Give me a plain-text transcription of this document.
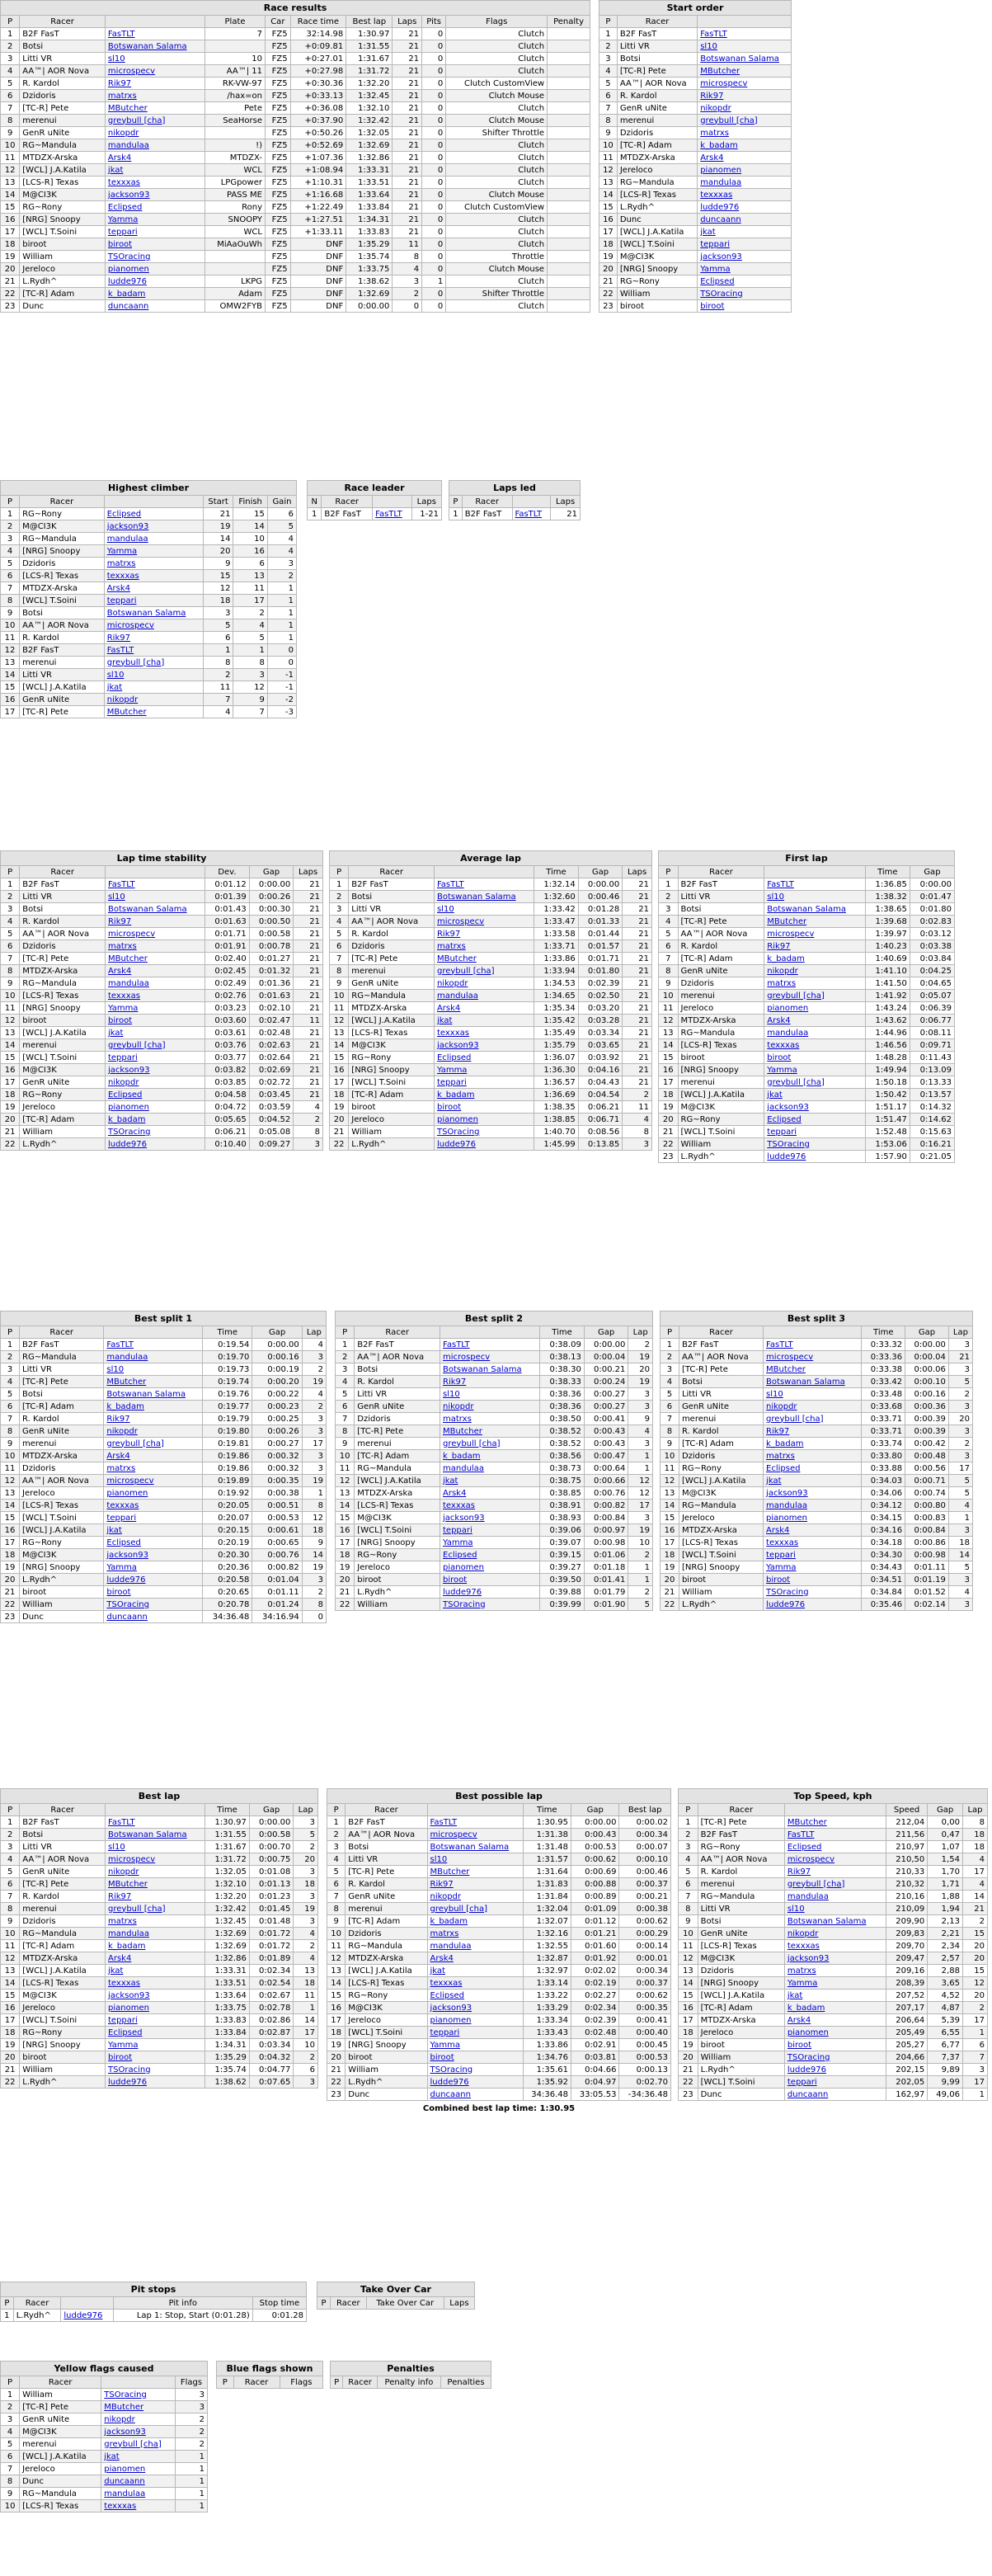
Race results
P	Racer		Plate	Car	Race time	Best lap	Laps	Pits	Flags	Penalty
1	B2F FasT	FasTLT	7	FZ5	32:14.98	1:30.97	21	0	Clutch	
2	Botsi	Botswanan Salama		FZ5	+0:09.81	1:31.55	21	0	Clutch	
3	Litti VR	sl10	10	FZ5	+0:27.01	1:31.67	21	0	Clutch	
4	AA™| AOR Nova	microspecv	AA™| 11	FZ5	+0:27.98	1:31.72	21	0	Clutch	
5	R. Kardol	Rik97	RK-VW-97	FZ5	+0:30.36	1:32.20	21	0	Clutch CustomView	
6	Dzidoris	matrxs	/hax=on	FZ5	+0:33.13	1:32.45	21	0	Clutch Mouse	
7	[TC-R] Pete	MButcher	Pete	FZ5	+0:36.08	1:32.10	21	0	Clutch	
8	merenui	greybull [cha]	SeaHorse	FZ5	+0:37.90	1:32.42	21	0	Clutch Mouse	
9	GenR uNite	nikopdr		FZ5	+0:50.26	1:32.05	21	0	Shifter Throttle	
10	RG~Mandula	mandulaa	!)	FZ5	+0:52.69	1:32.69	21	0	Clutch	
11	MTDZX-Arska	Arsk4	MTDZX-	FZ5	+1:07.36	1:32.86	21	0	Clutch	
12	[WCL] J.A.Katila	jkat	WCL	FZ5	+1:08.94	1:33.31	21	0	Clutch	
13	[LCS-R] Texas	texxxas	LPGpower	FZ5	+1:10.31	1:33.51	21	0	Clutch	
14	M@CI3K	jackson93	PASS ME	FZ5	+1:16.68	1:33.64	21	0	Clutch Mouse	
15	RG~Rony	Eclipsed	Rony	FZ5	+1:22.49	1:33.84	21	0	Clutch CustomView	
16	[NRG] Snoopy	Yamma	SNOOPY	FZ5	+1:27.51	1:34.31	21	0	Clutch	
17	[WCL] T.Soini	teppari	WCL	FZ5	+1:33.11	1:33.83	21	0	Clutch	
18	biroot	biroot	MiAaOuWh	FZ5	DNF	1:35.29	11	0	Clutch	
19	William	TSOracing		FZ5	DNF	1:35.74	8	0	Throttle	
20	Jereloco	pianomen		FZ5	DNF	1:33.75	4	0	Clutch Mouse	
21	L.Rydh^	ludde976	LKPG	FZ5	DNF	1:38.62	3	1	Clutch	
22	[TC-R] Adam	k_badam	Adam	FZ5	DNF	1:32.69	2	0	Shifter Throttle	
23	Dunc	duncaann	OMW2FYB	FZ5	DNF	0:00.00	0	0	Clutch	
Start order
P	Racer	
1	B2F FasT	FasTLT
2	Litti VR	sl10
3	Botsi	Botswanan Salama
4	[TC-R] Pete	MButcher
5	AA™| AOR Nova	microspecv
6	R. Kardol	Rik97
7	GenR uNite	nikopdr
8	merenui	greybull [cha]
9	Dzidoris	matrxs
10	[TC-R] Adam	k_badam
11	MTDZX-Arska	Arsk4
12	Jereloco	pianomen
13	RG~Mandula	mandulaa
14	[LCS-R] Texas	texxxas
15	L.Rydh^	ludde976
16	Dunc	duncaann
17	[WCL] J.A.Katila	jkat
18	[WCL] T.Soini	teppari
19	M@CI3K	jackson93
20	[NRG] Snoopy	Yamma
21	RG~Rony	Eclipsed
22	William	TSOracing
23	biroot	biroot
Highest climber
P	Racer		Start	Finish	Gain
1	RG~Rony	Eclipsed	21	15	6
2	M@CI3K	jackson93	19	14	5
3	RG~Mandula	mandulaa	14	10	4
4	[NRG] Snoopy	Yamma	20	16	4
5	Dzidoris	matrxs	9	6	3
6	[LCS-R] Texas	texxxas	15	13	2
7	MTDZX-Arska	Arsk4	12	11	1
8	[WCL] T.Soini	teppari	18	17	1
9	Botsi	Botswanan Salama	3	2	1
10	AA™| AOR Nova	microspecv	5	4	1
11	R. Kardol	Rik97	6	5	1
12	B2F FasT	FasTLT	1	1	0
13	merenui	greybull [cha]	8	8	0
14	Litti VR	sl10	2	3	-1
15	[WCL] J.A.Katila	jkat	11	12	-1
16	GenR uNite	nikopdr	7	9	-2
17	[TC-R] Pete	MButcher	4	7	-3
Race leader
N	Racer		Laps
1	B2F FasT	FasTLT	1-21
Laps led
P	Racer		Laps
1	B2F FasT	FasTLT	21
Lap time stability
P	Racer		Dev.	Gap	Laps
1	B2F FasT	FasTLT	0:01.12	0:00.00	21
2	Litti VR	sl10	0:01.39	0:00.26	21
3	Botsi	Botswanan Salama	0:01.43	0:00.30	21
4	R. Kardol	Rik97	0:01.63	0:00.50	21
5	AA™| AOR Nova	microspecv	0:01.71	0:00.58	21
6	Dzidoris	matrxs	0:01.91	0:00.78	21
7	[TC-R] Pete	MButcher	0:02.40	0:01.27	21
8	MTDZX-Arska	Arsk4	0:02.45	0:01.32	21
9	RG~Mandula	mandulaa	0:02.49	0:01.36	21
10	[LCS-R] Texas	texxxas	0:02.76	0:01.63	21
11	[NRG] Snoopy	Yamma	0:03.23	0:02.10	21
12	biroot	biroot	0:03.60	0:02.47	11
13	[WCL] J.A.Katila	jkat	0:03.61	0:02.48	21
14	merenui	greybull [cha]	0:03.76	0:02.63	21
15	[WCL] T.Soini	teppari	0:03.77	0:02.64	21
16	M@CI3K	jackson93	0:03.82	0:02.69	21
17	GenR uNite	nikopdr	0:03.85	0:02.72	21
18	RG~Rony	Eclipsed	0:04.58	0:03.45	21
19	Jereloco	pianomen	0:04.72	0:03.59	4
20	[TC-R] Adam	k_badam	0:05.65	0:04.52	2
21	William	TSOracing	0:06.21	0:05.08	8
22	L.Rydh^	ludde976	0:10.40	0:09.27	3
Average lap
P	Racer		Time	Gap	Laps
1	B2F FasT	FasTLT	1:32.14	0:00.00	21
2	Botsi	Botswanan Salama	1:32.60	0:00.46	21
3	Litti VR	sl10	1:33.42	0:01.28	21
4	AA™| AOR Nova	microspecv	1:33.47	0:01.33	21
5	R. Kardol	Rik97	1:33.58	0:01.44	21
6	Dzidoris	matrxs	1:33.71	0:01.57	21
7	[TC-R] Pete	MButcher	1:33.86	0:01.71	21
8	merenui	greybull [cha]	1:33.94	0:01.80	21
9	GenR uNite	nikopdr	1:34.53	0:02.39	21
10	RG~Mandula	mandulaa	1:34.65	0:02.50	21
11	MTDZX-Arska	Arsk4	1:35.34	0:03.20	21
12	[WCL] J.A.Katila	jkat	1:35.42	0:03.28	21
13	[LCS-R] Texas	texxxas	1:35.49	0:03.34	21
14	M@CI3K	jackson93	1:35.79	0:03.65	21
15	RG~Rony	Eclipsed	1:36.07	0:03.92	21
16	[NRG] Snoopy	Yamma	1:36.30	0:04.16	21
17	[WCL] T.Soini	teppari	1:36.57	0:04.43	21
18	[TC-R] Adam	k_badam	1:36.69	0:04.54	2
19	biroot	biroot	1:38.35	0:06.21	11
20	Jereloco	pianomen	1:38.85	0:06.71	4
21	William	TSOracing	1:40.70	0:08.56	8
22	L.Rydh^	ludde976	1:45.99	0:13.85	3
First lap
P	Racer		Time	Gap
1	B2F FasT	FasTLT	1:36.85	0:00.00
2	Litti VR	sl10	1:38.32	0:01.47
3	Botsi	Botswanan Salama	1:38.65	0:01.80
4	[TC-R] Pete	MButcher	1:39.68	0:02.83
5	AA™| AOR Nova	microspecv	1:39.97	0:03.12
6	R. Kardol	Rik97	1:40.23	0:03.38
7	[TC-R] Adam	k_badam	1:40.69	0:03.84
8	GenR uNite	nikopdr	1:41.10	0:04.25
9	Dzidoris	matrxs	1:41.50	0:04.65
10	merenui	greybull [cha]	1:41.92	0:05.07
11	Jereloco	pianomen	1:43.24	0:06.39
12	MTDZX-Arska	Arsk4	1:43.62	0:06.77
13	RG~Mandula	mandulaa	1:44.96	0:08.11
14	[LCS-R] Texas	texxxas	1:46.56	0:09.71
15	biroot	biroot	1:48.28	0:11.43
16	[NRG] Snoopy	Yamma	1:49.94	0:13.09
17	merenui	greybull [cha]	1:50.18	0:13.33
18	[WCL] J.A.Katila	jkat	1:50.42	0:13.57
19	M@CI3K	jackson93	1:51.17	0:14.32
20	RG~Rony	Eclipsed	1:51.47	0:14.62
21	[WCL] T.Soini	teppari	1:52.48	0:15.63
22	William	TSOracing	1:53.06	0:16.21
23	L.Rydh^	ludde976	1:57.90	0:21.05
Best split 1
P	Racer		Time	Gap	Lap
1	B2F FasT	FasTLT	0:19.54	0:00.00	4
2	RG~Mandula	mandulaa	0:19.70	0:00.16	3
3	Litti VR	sl10	0:19.73	0:00.19	2
4	[TC-R] Pete	MButcher	0:19.74	0:00.20	19
5	Botsi	Botswanan Salama	0:19.76	0:00.22	4
6	[TC-R] Adam	k_badam	0:19.77	0:00.23	2
7	R. Kardol	Rik97	0:19.79	0:00.25	3
8	GenR uNite	nikopdr	0:19.80	0:00.26	3
9	merenui	greybull [cha]	0:19.81	0:00.27	17
10	MTDZX-Arska	Arsk4	0:19.86	0:00.32	3
11	Dzidoris	matrxs	0:19.86	0:00.32	3
12	AA™| AOR Nova	microspecv	0:19.89	0:00.35	19
13	Jereloco	pianomen	0:19.92	0:00.38	1
14	[LCS-R] Texas	texxxas	0:20.05	0:00.51	8
15	[WCL] T.Soini	teppari	0:20.07	0:00.53	12
16	[WCL] J.A.Katila	jkat	0:20.15	0:00.61	18
17	RG~Rony	Eclipsed	0:20.19	0:00.65	9
18	M@CI3K	jackson93	0:20.30	0:00.76	14
19	[NRG] Snoopy	Yamma	0:20.36	0:00.82	19
20	L.Rydh^	ludde976	0:20.58	0:01.04	3
21	biroot	biroot	0:20.65	0:01.11	2
22	William	TSOracing	0:20.78	0:01.24	8
23	Dunc	duncaann	34:36.48	34:16.94	0
Best split 2
P	Racer		Time	Gap	Lap
1	B2F FasT	FasTLT	0:38.09	0:00.00	2
2	AA™| AOR Nova	microspecv	0:38.13	0:00.04	19
3	Botsi	Botswanan Salama	0:38.30	0:00.21	20
4	R. Kardol	Rik97	0:38.33	0:00.24	19
5	Litti VR	sl10	0:38.36	0:00.27	3
6	GenR uNite	nikopdr	0:38.36	0:00.27	3
7	Dzidoris	matrxs	0:38.50	0:00.41	9
8	[TC-R] Pete	MButcher	0:38.52	0:00.43	4
9	merenui	greybull [cha]	0:38.52	0:00.43	3
10	[TC-R] Adam	k_badam	0:38.56	0:00.47	1
11	RG~Mandula	mandulaa	0:38.73	0:00.64	1
12	[WCL] J.A.Katila	jkat	0:38.75	0:00.66	12
13	MTDZX-Arska	Arsk4	0:38.85	0:00.76	12
14	[LCS-R] Texas	texxxas	0:38.91	0:00.82	17
15	M@CI3K	jackson93	0:38.93	0:00.84	3
16	[WCL] T.Soini	teppari	0:39.06	0:00.97	19
17	[NRG] Snoopy	Yamma	0:39.07	0:00.98	10
18	RG~Rony	Eclipsed	0:39.15	0:01.06	2
19	Jereloco	pianomen	0:39.27	0:01.18	1
20	biroot	biroot	0:39.50	0:01.41	1
21	L.Rydh^	ludde976	0:39.88	0:01.79	2
22	William	TSOracing	0:39.99	0:01.90	5
Best split 3
P	Racer		Time	Gap	Lap
1	B2F FasT	FasTLT	0:33.32	0:00.00	3
2	AA™| AOR Nova	microspecv	0:33.36	0:00.04	21
3	[TC-R] Pete	MButcher	0:33.38	0:00.06	3
4	Botsi	Botswanan Salama	0:33.42	0:00.10	5
5	Litti VR	sl10	0:33.48	0:00.16	2
6	GenR uNite	nikopdr	0:33.68	0:00.36	3
7	merenui	greybull [cha]	0:33.71	0:00.39	20
8	R. Kardol	Rik97	0:33.71	0:00.39	3
9	[TC-R] Adam	k_badam	0:33.74	0:00.42	2
10	Dzidoris	matrxs	0:33.80	0:00.48	3
11	RG~Rony	Eclipsed	0:33.88	0:00.56	17
12	[WCL] J.A.Katila	jkat	0:34.03	0:00.71	5
13	M@CI3K	jackson93	0:34.06	0:00.74	5
14	RG~Mandula	mandulaa	0:34.12	0:00.80	4
15	Jereloco	pianomen	0:34.15	0:00.83	1
16	MTDZX-Arska	Arsk4	0:34.16	0:00.84	3
17	[LCS-R] Texas	texxxas	0:34.18	0:00.86	18
18	[WCL] T.Soini	teppari	0:34.30	0:00.98	14
19	[NRG] Snoopy	Yamma	0:34.43	0:01.11	5
20	biroot	biroot	0:34.51	0:01.19	3
21	William	TSOracing	0:34.84	0:01.52	4
22	L.Rydh^	ludde976	0:35.46	0:02.14	3
Best lap
P	Racer		Time	Gap	Lap
1	B2F FasT	FasTLT	1:30.97	0:00.00	3
2	Botsi	Botswanan Salama	1:31.55	0:00.58	5
3	Litti VR	sl10	1:31.67	0:00.70	2
4	AA™| AOR Nova	microspecv	1:31.72	0:00.75	20
5	GenR uNite	nikopdr	1:32.05	0:01.08	3
6	[TC-R] Pete	MButcher	1:32.10	0:01.13	18
7	R. Kardol	Rik97	1:32.20	0:01.23	3
8	merenui	greybull [cha]	1:32.42	0:01.45	19
9	Dzidoris	matrxs	1:32.45	0:01.48	3
10	RG~Mandula	mandulaa	1:32.69	0:01.72	4
11	[TC-R] Adam	k_badam	1:32.69	0:01.72	2
12	MTDZX-Arska	Arsk4	1:32.86	0:01.89	4
13	[WCL] J.A.Katila	jkat	1:33.31	0:02.34	13
14	[LCS-R] Texas	texxxas	1:33.51	0:02.54	18
15	M@CI3K	jackson93	1:33.64	0:02.67	11
16	Jereloco	pianomen	1:33.75	0:02.78	1
17	[WCL] T.Soini	teppari	1:33.83	0:02.86	14
18	RG~Rony	Eclipsed	1:33.84	0:02.87	17
19	[NRG] Snoopy	Yamma	1:34.31	0:03.34	10
20	biroot	biroot	1:35.29	0:04.32	2
21	William	TSOracing	1:35.74	0:04.77	6
22	L.Rydh^	ludde976	1:38.62	0:07.65	3
Best possible lap
P	Racer		Time	Gap	Best lap
1	B2F FasT	FasTLT	1:30.95	0:00.00	0:00.02
2	AA™| AOR Nova	microspecv	1:31.38	0:00.43	0:00.34
3	Botsi	Botswanan Salama	1:31.48	0:00.53	0:00.07
4	Litti VR	sl10	1:31.57	0:00.62	0:00.10
5	[TC-R] Pete	MButcher	1:31.64	0:00.69	0:00.46
6	R. Kardol	Rik97	1:31.83	0:00.88	0:00.37
7	GenR uNite	nikopdr	1:31.84	0:00.89	0:00.21
8	merenui	greybull [cha]	1:32.04	0:01.09	0:00.38
9	[TC-R] Adam	k_badam	1:32.07	0:01.12	0:00.62
10	Dzidoris	matrxs	1:32.16	0:01.21	0:00.29
11	RG~Mandula	mandulaa	1:32.55	0:01.60	0:00.14
12	MTDZX-Arska	Arsk4	1:32.87	0:01.92	0:00.01
13	[WCL] J.A.Katila	jkat	1:32.97	0:02.02	0:00.34
14	[LCS-R] Texas	texxxas	1:33.14	0:02.19	0:00.37
15	RG~Rony	Eclipsed	1:33.22	0:02.27	0:00.62
16	M@CI3K	jackson93	1:33.29	0:02.34	0:00.35
17	Jereloco	pianomen	1:33.34	0:02.39	0:00.41
18	[WCL] T.Soini	teppari	1:33.43	0:02.48	0:00.40
19	[NRG] Snoopy	Yamma	1:33.86	0:02.91	0:00.45
20	biroot	biroot	1:34.76	0:03.81	0:00.53
21	William	TSOracing	1:35.61	0:04.66	0:00.13
22	L.Rydh^	ludde976	1:35.92	0:04.97	0:02.70
23	Dunc	duncaann	34:36.48	33:05.53	-34:36.48
Combined best lap time: 1:30.95
Top Speed, kph
P	Racer		Speed	Gap	Lap
1	[TC-R] Pete	MButcher	212,04	0,00	8
2	B2F FasT	FasTLT	211,56	0,47	18
3	RG~Rony	Eclipsed	210,97	1,07	18
4	AA™| AOR Nova	microspecv	210,50	1,54	4
5	R. Kardol	Rik97	210,33	1,70	17
6	merenui	greybull [cha]	210,32	1,71	4
7	RG~Mandula	mandulaa	210,16	1,88	14
8	Litti VR	sl10	210,09	1,94	21
9	Botsi	Botswanan Salama	209,90	2,13	2
10	GenR uNite	nikopdr	209,83	2,21	15
11	[LCS-R] Texas	texxxas	209,70	2,34	20
12	M@CI3K	jackson93	209,47	2,57	20
13	Dzidoris	matrxs	209,16	2,88	15
14	[NRG] Snoopy	Yamma	208,39	3,65	12
15	[WCL] J.A.Katila	jkat	207,52	4,52	20
16	[TC-R] Adam	k_badam	207,17	4,87	2
17	MTDZX-Arska	Arsk4	206,64	5,39	17
18	Jereloco	pianomen	205,49	6,55	1
19	biroot	biroot	205,27	6,77	6
20	William	TSOracing	204,66	7,37	7
21	L.Rydh^	ludde976	202,15	9,89	3
22	[WCL] T.Soini	teppari	202,05	9,99	17
23	Dunc	duncaann	162,97	49,06	1
Pit stops
P	Racer		Pit info	Stop time
1	L.Rydh^	ludde976	Lap 1: Stop, Start (0:01.28)	0:01.28
Take Over Car
P	Racer	Take Over Car	Laps
Yellow flags caused
P	Racer		Flags
1	William	TSOracing	3
2	[TC-R] Pete	MButcher	3
3	GenR uNite	nikopdr	2
4	M@CI3K	jackson93	2
5	merenui	greybull [cha]	2
6	[WCL] J.A.Katila	jkat	1
7	Jereloco	pianomen	1
8	Dunc	duncaann	1
9	RG~Mandula	mandulaa	1
10	[LCS-R] Texas	texxxas	1
Blue flags shown
P	Racer	Flags
Penalties
P	Racer	Penalty info	Penalties
